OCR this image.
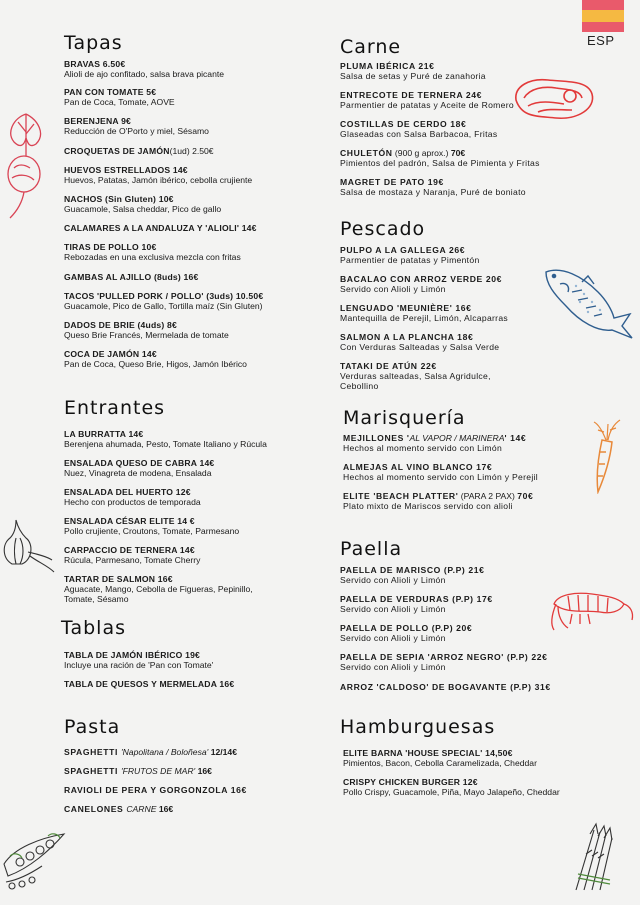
ESP
Tapas
BRAVAS 6.50€
Alioli de ajo confitado, salsa brava picante
PAN CON TOMATE 5€
Pan de Coca, Tomate, AOVE
BERENJENA 9€
Reducción de O'Porto y miel, Sésamo
CROQUETAS DE JAMÓN(1ud) 2.50€
HUEVOS ESTRELLADOS 14€
Huevos, Patatas, Jamón ibérico, cebolla crujiente
NACHOS (Sin Gluten) 10€
Guacamole, Salsa cheddar, Pico de gallo
CALAMARES A LA ANDALUZA Y 'ALIOLI' 14€
TIRAS DE POLLO 10€
Rebozadas en una exclusiva mezcla con fritas
GAMBAS AL AJILLO (8uds) 16€
TACOS 'PULLED PORK / POLLO' (3uds) 10.50€
Guacamole, Pico de Gallo, Tortilla maíz (Sin Gluten)
DADOS DE BRIE (4uds) 8€
Queso Brie Francés, Mermelada de tomate
COCA DE JAMÓN 14€
Pan de Coca, Queso Brie, Higos, Jamón Ibérico
Entrantes
LA BURRATTA 14€
Berenjena ahumada, Pesto, Tomate Italiano y Rúcula
ENSALADA QUESO DE CABRA 14€
Nuez, Vinagreta de modena, Ensalada
ENSALADA DEL HUERTO 12€
Hecho con productos de temporada
ENSALADA CÉSAR ELITE 14 €
Pollo crujiente, Croutons, Tomate, Parmesano
CARPACCIO DE TERNERA 14€
Rúcula, Parmesano, Tomate Cherry
TARTAR DE SALMON 16€
Aguacate, Mango, Cebolla de Figueras, Pepinillo,
Tomate, Sésamo
Tablas
TABLA DE JAMÓN IBÉRICO 19€
Incluye una ración de 'Pan con Tomate'
TABLA DE QUESOS Y MERMELADA 16€
Pasta
SPAGHETTI 'Napolitana / Boloñesa' 12/14€
SPAGHETTI 'FRUTOS DE MAR' 16€
RAVIOLI DE PERA Y GORGONZOLA 16€
CANELONES CARNE 16€
Carne
PLUMA IBÉRICA 21€
Salsa de setas y Puré de zanahoria
ENTRECOTE DE TERNERA 24€
Parmentier de patatas y Aceite de Romero
COSTILLAS DE CERDO 18€
Glaseadas con Salsa Barbacoa, Fritas
CHULETÓN (900 g aprox.) 70€
Pimientos del padrón, Salsa de Pimienta y Fritas
MAGRET DE PATO 19€
Salsa de mostaza y Naranja, Puré de boniato
Pescado
PULPO A LA GALLEGA 26€
Parmentier de patatas y Pimentón
BACALAO CON ARROZ VERDE 20€
Servido con Alioli y Limón
LENGUADO 'MEUNIÈRE' 16€
Mantequilla de Perejil, Limón, Alcaparras
SALMON A LA PLANCHA 18€
Con Verduras Salteadas y Salsa Verde
TATAKI DE ATÚN 22€
Verduras salteadas, Salsa Agridulce,
Cebollino
Marisquería
MEJILLONES 'AL VAPOR / MARINERA' 14€
Hechos al momento servido con Limón
ALMEJAS AL VINO BLANCO 17€
Hechos al momento servido con Limón y Perejil
ELITE 'BEACH PLATTER' (PARA 2 PAX) 70€
Plato mixto de Mariscos servido con alioli
Paella
PAELLA DE MARISCO (P.P) 21€
Servido con Alioli y Limón
PAELLA DE VERDURAS (P.P) 17€
Servido con Alioli y Limón
PAELLA DE POLLO (P.P) 20€
Servido con Alioli y Limón
PAELLA DE SEPIA 'ARROZ NEGRO' (P.P) 22€
Servido con Alioli y Limón
ARROZ 'CALDOSO' DE BOGAVANTE (P.P) 31€
Hamburguesas
ELITE BARNA 'HOUSE SPECIAL' 14,50€
Pimientos, Bacon, Cebolla Caramelizada, Cheddar
CRISPY CHICKEN BURGER 12€
Pollo Crispy, Guacamole, Piña, Mayo Jalapeño, Cheddar
